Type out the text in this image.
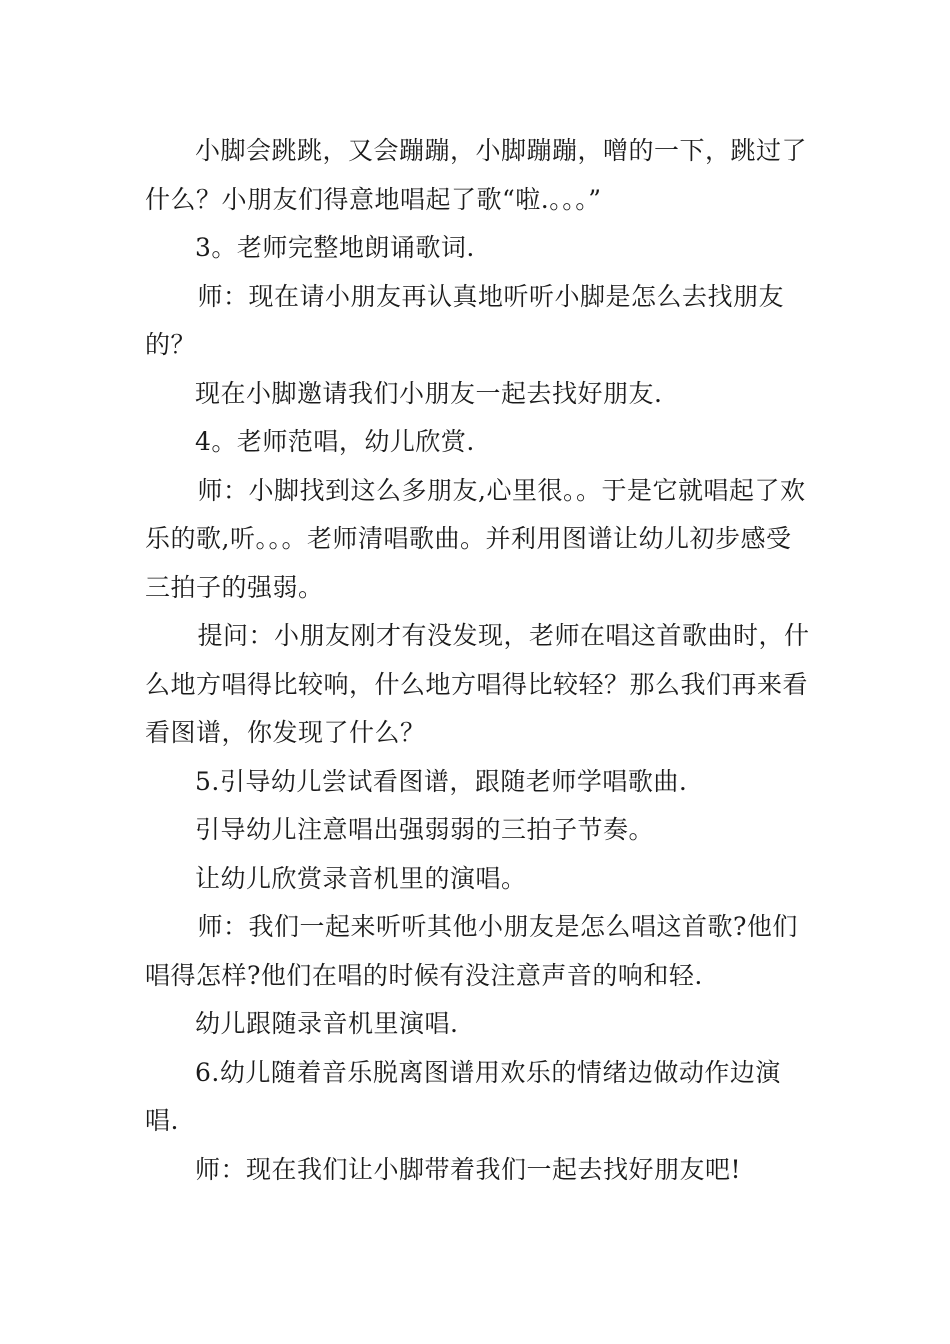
小脚会跳跳，又会蹦蹦，小脚蹦蹦，噌的一下，跳过了什么？小朋友们得意地唱起了歌“啦.。。。”

3。老师完整地朗诵歌词.

师：现在请小朋友再认真地听听小脚是怎么去找朋友的？

现在小脚邀请我们小朋友一起去找好朋友.

4。老师范唱，幼儿欣赏.

师：小脚找到这么多朋友,心里很。。于是它就唱起了欢乐的歌,听。。。老师清唱歌曲。并利用图谱让幼儿初步感受三拍子的强弱。

提问：小朋友刚才有没发现，老师在唱这首歌曲时，什么地方唱得比较响，什么地方唱得比较轻？那么我们再来看看图谱，你发现了什么？

5.引导幼儿尝试看图谱，跟随老师学唱歌曲.

引导幼儿注意唱出强弱弱的三拍子节奏。

让幼儿欣赏录音机里的演唱。

师：我们一起来听听其他小朋友是怎么唱这首歌?他们唱得怎样?他们在唱的时候有没注意声音的响和轻.

幼儿跟随录音机里演唱.

6.幼儿随着音乐脱离图谱用欢乐的情绪边做动作边演唱.

师：现在我们让小脚带着我们一起去找好朋友吧!
